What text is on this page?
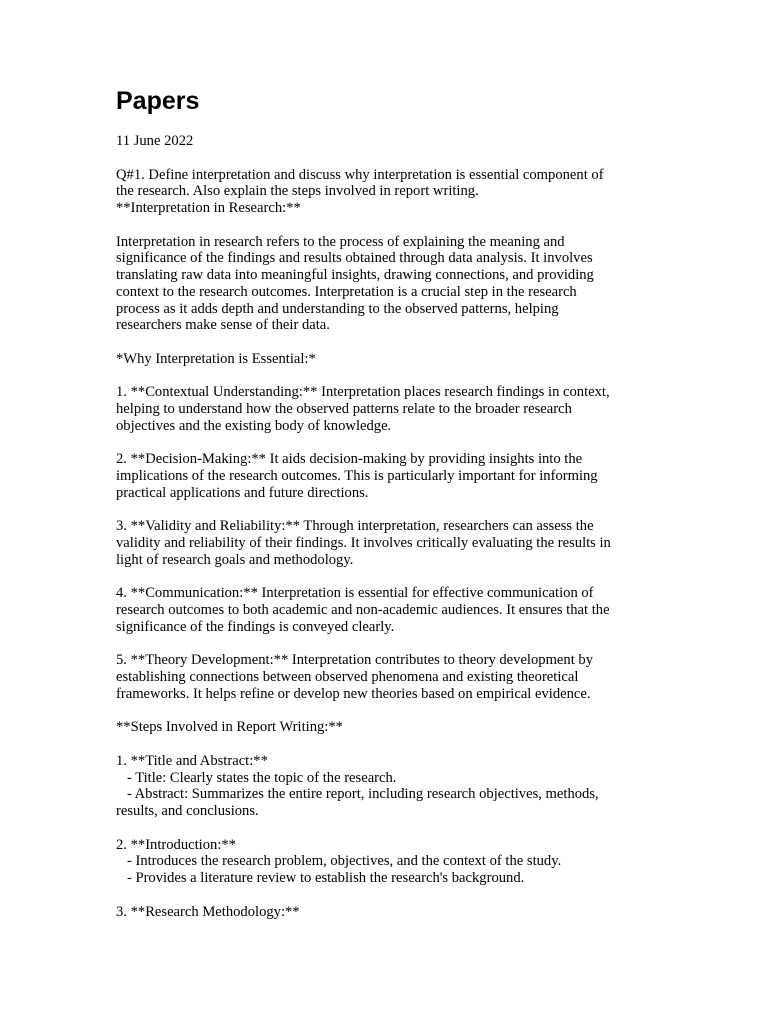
Papers
11 June 2022
Q#1. Define interpretation and discuss why interpretation is essential component of
the research. Also explain the steps involved in report writing.
**Interpretation in Research:**
Interpretation in research refers to the process of explaining the meaning and
significance of the findings and results obtained through data analysis. It involves
translating raw data into meaningful insights, drawing connections, and providing
context to the research outcomes. Interpretation is a crucial step in the research
process as it adds depth and understanding to the observed patterns, helping
researchers make sense of their data.
*Why Interpretation is Essential:*
1. **Contextual Understanding:** Interpretation places research findings in context,
helping to understand how the observed patterns relate to the broader research
objectives and the existing body of knowledge.
2. **Decision-Making:** It aids decision-making by providing insights into the
implications of the research outcomes. This is particularly important for informing
practical applications and future directions.
3. **Validity and Reliability:** Through interpretation, researchers can assess the
validity and reliability of their findings. It involves critically evaluating the results in
light of research goals and methodology.
4. **Communication:** Interpretation is essential for effective communication of
research outcomes to both academic and non-academic audiences. It ensures that the
significance of the findings is conveyed clearly.
5. **Theory Development:** Interpretation contributes to theory development by
establishing connections between observed phenomena and existing theoretical
frameworks. It helps refine or develop new theories based on empirical evidence.
**Steps Involved in Report Writing:**
1. **Title and Abstract:**
- Title: Clearly states the topic of the research.
- Abstract: Summarizes the entire report, including research objectives, methods,
results, and conclusions.
2. **Introduction:**
- Introduces the research problem, objectives, and the context of the study.
- Provides a literature review to establish the research's background.
3. **Research Methodology:**
